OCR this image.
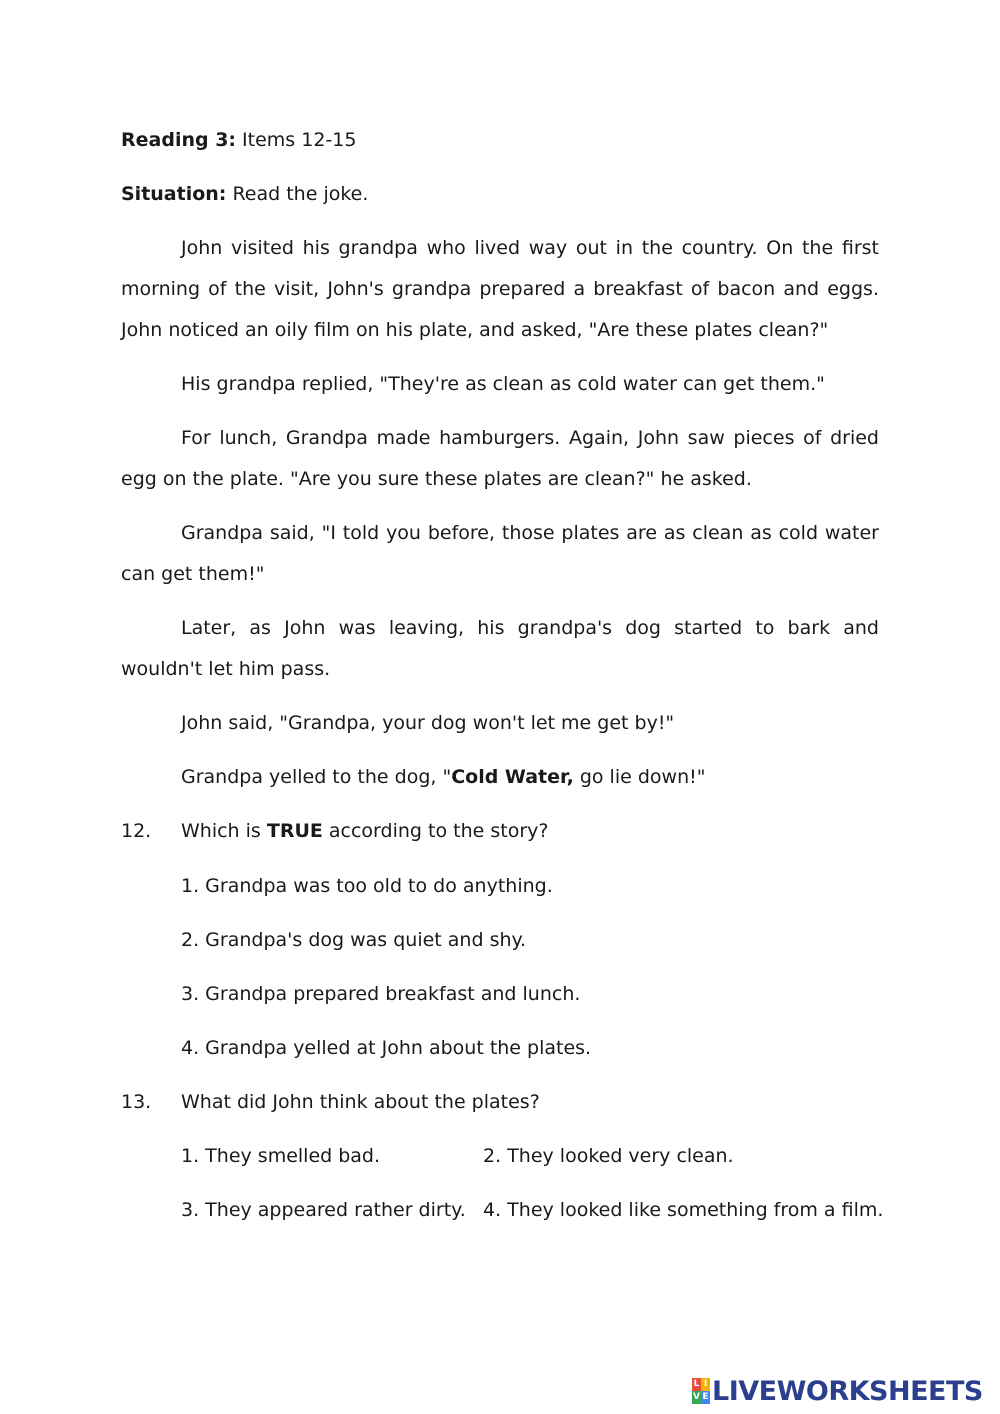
Reading 3: Items 12-15
Situation: Read the joke.
John visited his grandpa who lived way out in the country. On the first morning of the visit, John's grandpa prepared a breakfast of bacon and eggs. John noticed an oily film on his plate, and asked, "Are these plates clean?"
His grandpa replied, "They're as clean as cold water can get them."
For lunch, Grandpa made hamburgers. Again, John saw pieces of dried egg on the plate. "Are you sure these plates are clean?" he asked.
Grandpa said, "I told you before, those plates are as clean as cold water can get them!"
Later, as John was leaving, his grandpa's dog started to bark and wouldn't let him pass.
John said, "Grandpa, your dog won't let me get by!"
Grandpa yelled to the dog, "Cold Water, go lie down!"
12. Which is TRUE according to the story?
1. Grandpa was too old to do anything.
2. Grandpa's dog was quiet and shy.
3. Grandpa prepared breakfast and lunch.
4. Grandpa yelled at John about the plates.
13. What did John think about the plates?
1. They smelled bad.	2. They looked very clean.
3. They appeared rather dirty. 4. They looked like something from a film.
L I
V E LIVEWORKSHEETS
